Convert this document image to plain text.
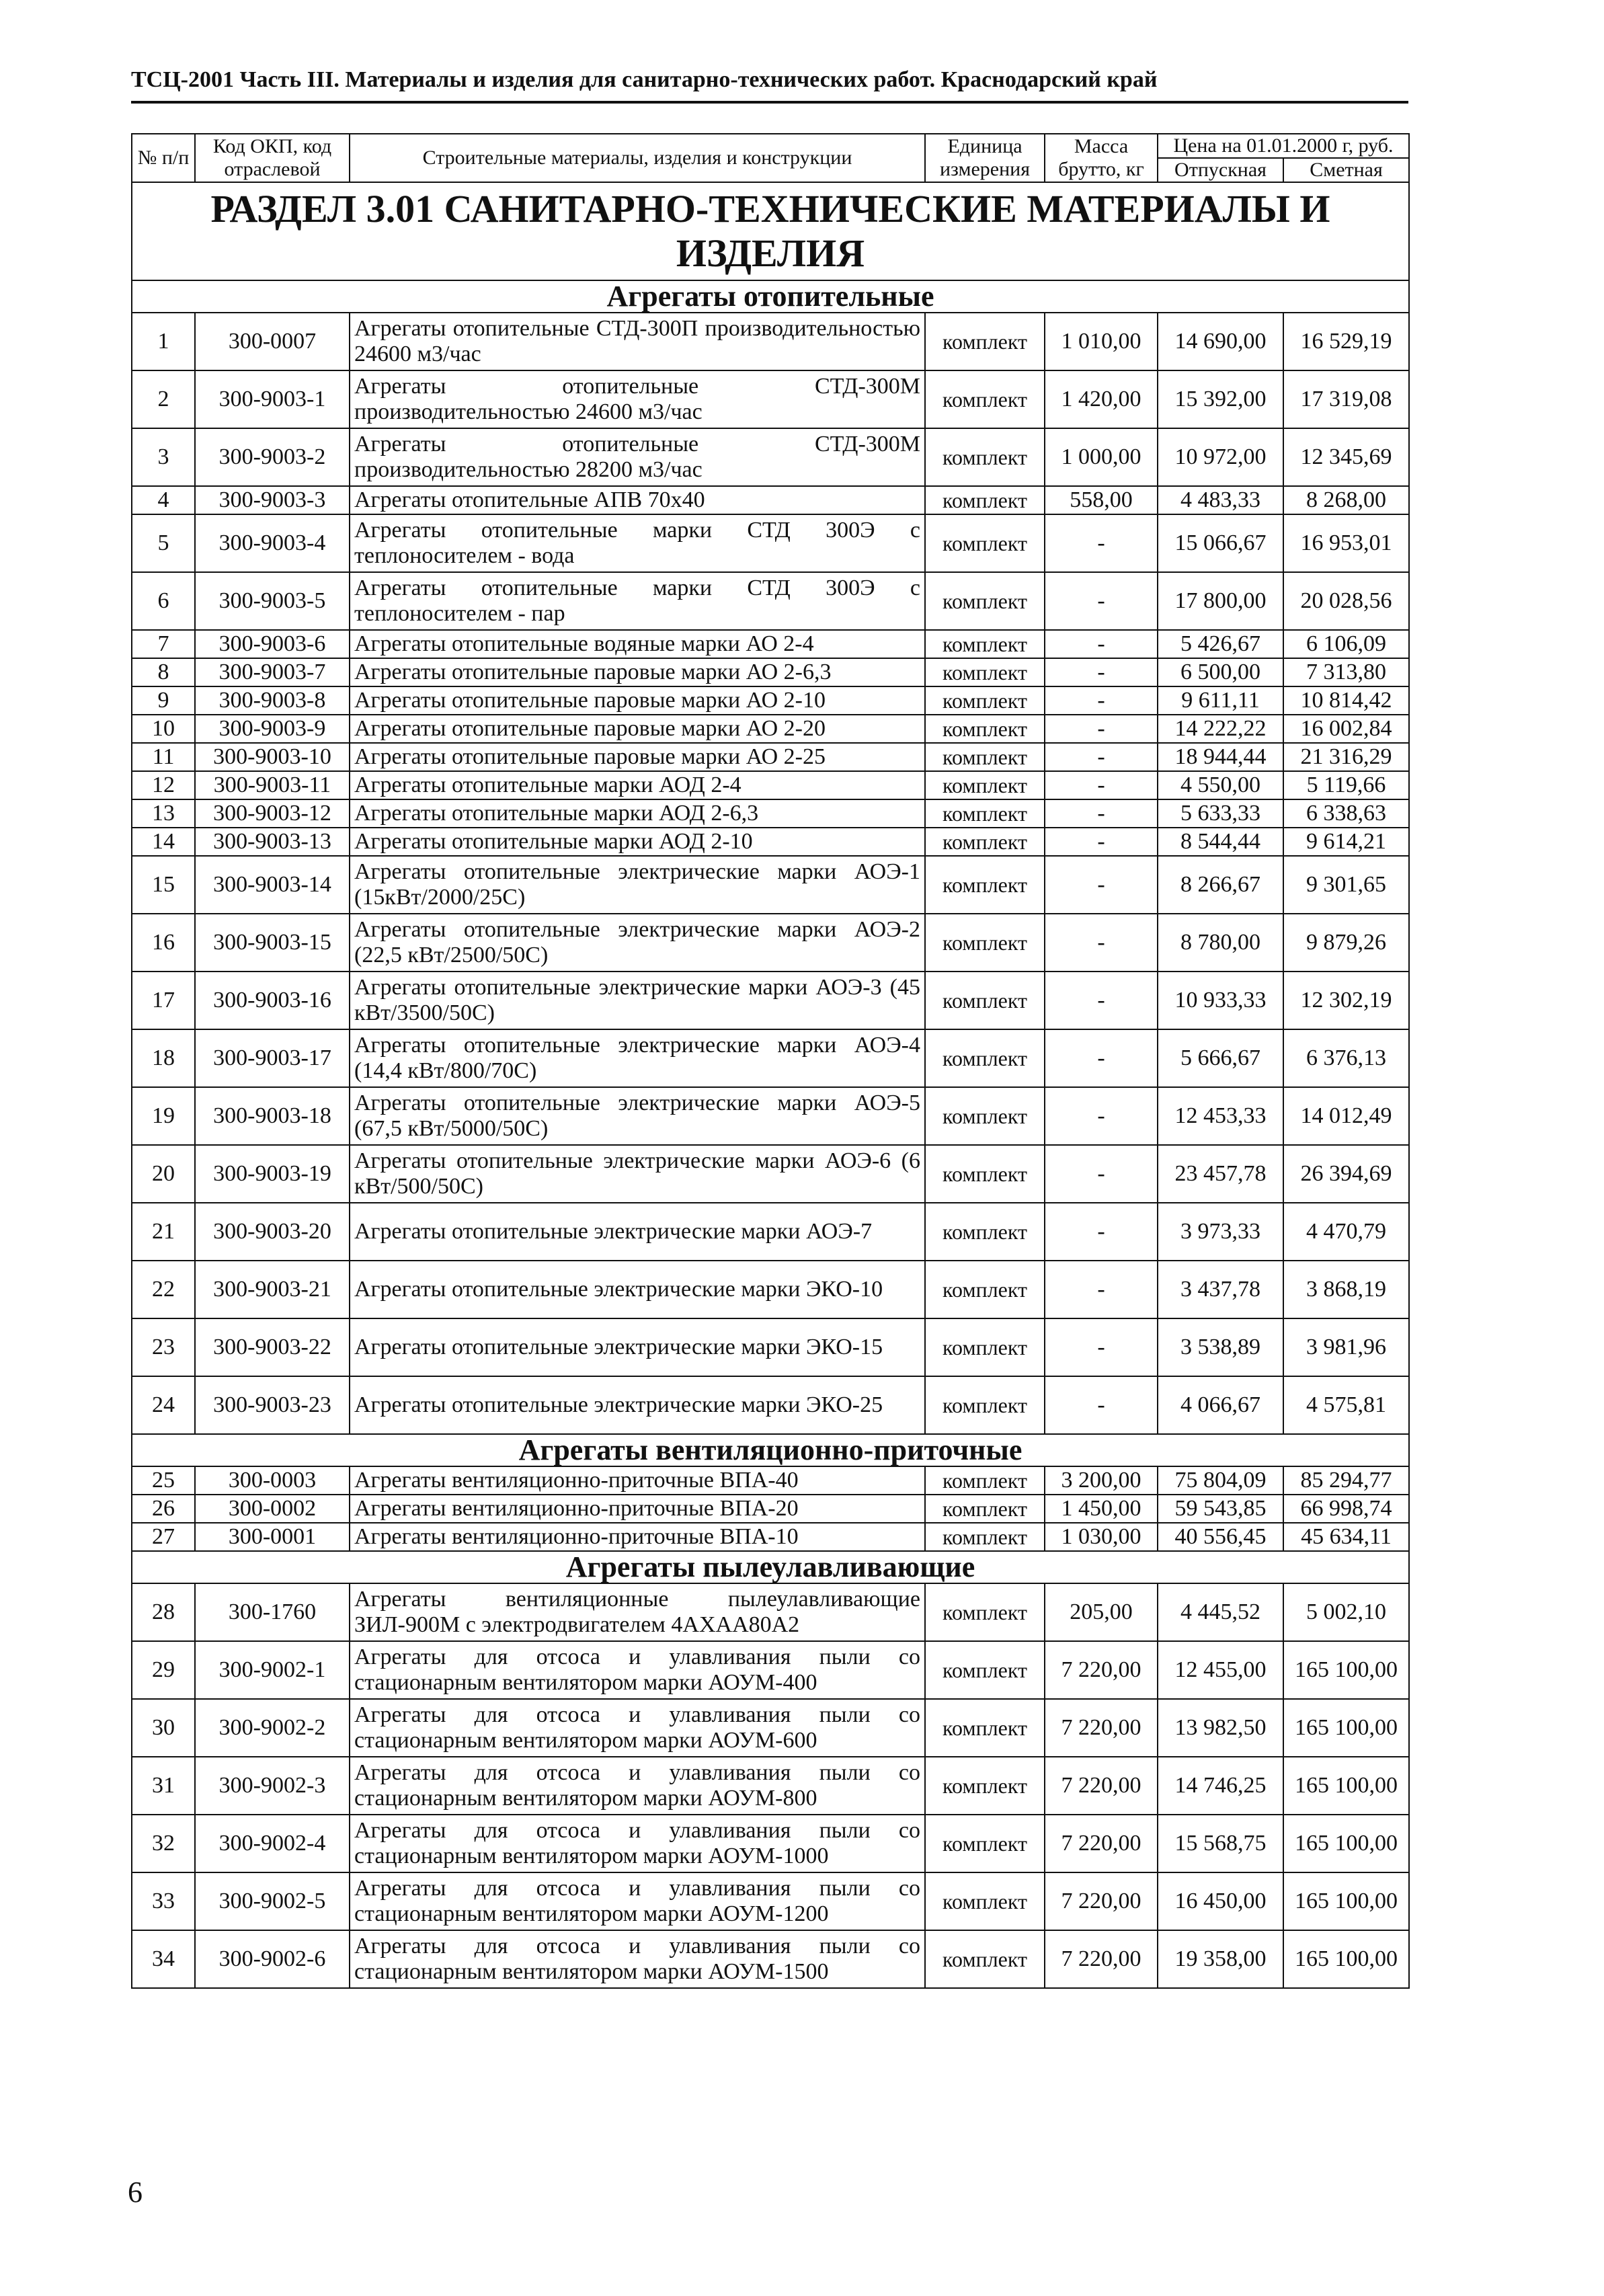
ТСЦ-2001 Часть III. Материалы и изделия для санитарно-технических работ. Краснодарский край
№ п/п	Код ОКП, код отраслевой	Строительные материалы, изделия и конструкции	Единица измерения	Масса брутто, кг	Цена на 01.01.2000 г, руб.	
					Отпускная	Сметная
РАЗДЕЛ 3.01 САНИТАРНО-ТЕХНИЧЕСКИЕ МАТЕРИАЛЫ И ИЗДЕЛИЯ						
Агрегаты отопительные						
1	300-0007	Агрегаты отопительные СТД-300П производительностью 24600 м3/час	комплект	1 010,00	14 690,00	16 529,19
2	300-9003-1	Агрегаты отопительные СТД-300М производительностью 24600 м3/час	комплект	1 420,00	15 392,00	17 319,08
3	300-9003-2	Агрегаты отопительные СТД-300М производительностью 28200 м3/час	комплект	1 000,00	10 972,00	12 345,69
4	300-9003-3	Агрегаты отопительные АПВ 70х40	комплект	558,00	4 483,33	8 268,00
5	300-9003-4	Агрегаты отопительные марки СТД 300Э с теплоносителем - вода	комплект	-	15 066,67	16 953,01
6	300-9003-5	Агрегаты отопительные марки СТД 300Э с теплоносителем - пар	комплект	-	17 800,00	20 028,56
7	300-9003-6	Агрегаты отопительные водяные марки АО 2-4	комплект	-	5 426,67	6 106,09
8	300-9003-7	Агрегаты отопительные паровые марки АО 2-6,3	комплект	-	6 500,00	7 313,80
9	300-9003-8	Агрегаты отопительные паровые марки АО 2-10	комплект	-	9 611,11	10 814,42
10	300-9003-9	Агрегаты отопительные паровые марки АО 2-20	комплект	-	14 222,22	16 002,84
11	300-9003-10	Агрегаты отопительные паровые марки АО 2-25	комплект	-	18 944,44	21 316,29
12	300-9003-11	Агрегаты отопительные марки АОД 2-4	комплект	-	4 550,00	5 119,66
13	300-9003-12	Агрегаты отопительные марки АОД 2-6,3	комплект	-	5 633,33	6 338,63
14	300-9003-13	Агрегаты отопительные марки АОД 2-10	комплект	-	8 544,44	9 614,21
15	300-9003-14	Агрегаты отопительные электрические марки АОЭ-1 (15кВт/2000/25С)	комплект	-	8 266,67	9 301,65
16	300-9003-15	Агрегаты отопительные электрические марки АОЭ-2 (22,5 кВт/2500/50С)	комплект	-	8 780,00	9 879,26
17	300-9003-16	Агрегаты отопительные электрические марки АОЭ-3 (45 кВт/3500/50С)	комплект	-	10 933,33	12 302,19
18	300-9003-17	Агрегаты отопительные электрические марки АОЭ-4 (14,4 кВт/800/70С)	комплект	-	5 666,67	6 376,13
19	300-9003-18	Агрегаты отопительные электрические марки АОЭ-5 (67,5 кВт/5000/50С)	комплект	-	12 453,33	14 012,49
20	300-9003-19	Агрегаты отопительные электрические марки АОЭ-6 (6 кВт/500/50С)	комплект	-	23 457,78	26 394,69
21	300-9003-20	Агрегаты отопительные электрические марки АОЭ-7	комплект	-	3 973,33	4 470,79
22	300-9003-21	Агрегаты отопительные электрические марки ЭКО-10	комплект	-	3 437,78	3 868,19
23	300-9003-22	Агрегаты отопительные электрические марки ЭКО-15	комплект	-	3 538,89	3 981,96
24	300-9003-23	Агрегаты отопительные электрические марки ЭКО-25	комплект	-	4 066,67	4 575,81
Агрегаты вентиляционно-приточные						
25	300-0003	Агрегаты вентиляционно-приточные ВПА-40	комплект	3 200,00	75 804,09	85 294,77
26	300-0002	Агрегаты вентиляционно-приточные ВПА-20	комплект	1 450,00	59 543,85	66 998,74
27	300-0001	Агрегаты вентиляционно-приточные ВПА-10	комплект	1 030,00	40 556,45	45 634,11
Агрегаты пылеулавливающие						
28	300-1760	Агрегаты вентиляционные пылеулавливающие ЗИЛ-900М с электродвигателем 4АХАА80А2	комплект	205,00	4 445,52	5 002,10
29	300-9002-1	Агрегаты для отсоса и улавливания пыли со стационарным вентилятором марки АОУМ-400	комплект	7 220,00	12 455,00	165 100,00
30	300-9002-2	Агрегаты для отсоса и улавливания пыли со стационарным вентилятором марки АОУМ-600	комплект	7 220,00	13 982,50	165 100,00
31	300-9002-3	Агрегаты для отсоса и улавливания пыли со стационарным вентилятором марки АОУМ-800	комплект	7 220,00	14 746,25	165 100,00
32	300-9002-4	Агрегаты для отсоса и улавливания пыли со стационарным вентилятором марки АОУМ-1000	комплект	7 220,00	15 568,75	165 100,00
33	300-9002-5	Агрегаты для отсоса и улавливания пыли со стационарным вентилятором марки АОУМ-1200	комплект	7 220,00	16 450,00	165 100,00
34	300-9002-6	Агрегаты для отсоса и улавливания пыли со стационарным вентилятором марки АОУМ-1500	комплект	7 220,00	19 358,00	165 100,00
6
